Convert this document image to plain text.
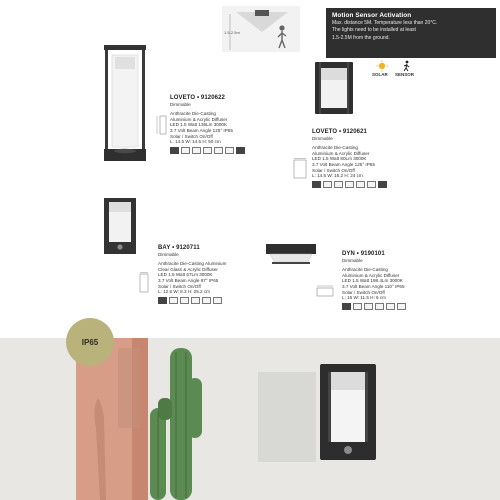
1.5-2.5m
Motion Sensor Activation
Max. distance 5M. Temperature less than 20°C.
The lights need to be installed at least
1.5-2.5M from the ground.
SOLAR SENSOR
LOVETO • 9120622
Dimmable
Anthracite Die-Casting
Aluminium & Acrylic Diffuser
LED 1.5 Watt 136Lm 3000K
3.7 Volt Beam Angle 125° IP65
Solar / Switch On/Off
L: 14.5 W: 14.5 H: 50 cm
LOVETO • 9120621
Dimmable
Anthracite Die-Casting
Aluminium & Acrylic Diffuser
LED 1.5 Watt 80Lm 3000K
3.7 Volt Beam Angle 125° IP65
Solar / Switch On/Off
L: 14.5 W: 16.2 H: 24 cm
BAY • 9120711
Dimmable
Anthracite Die-Casting Aluminium
Clear Glass & Acrylic Diffuser
LED 1.5 Watt 67Lm 3000K
3.7 Volt Beam Angle 87° IP65
Solar / Switch On/Off
L: 12.6 W: 8.3 H: 25.2 cm
DYN • 9190101
Dimmable
Anthracite Die-Casting
Aluminium & Acrylic Diffuser
LED 1.5 Watt 198.4Lm 3000K
3.7 Volt Beam Angle 110° IP65
Solar / Switch On/Off
L: 16 W: 11.5 H: 6 cm
IP65
